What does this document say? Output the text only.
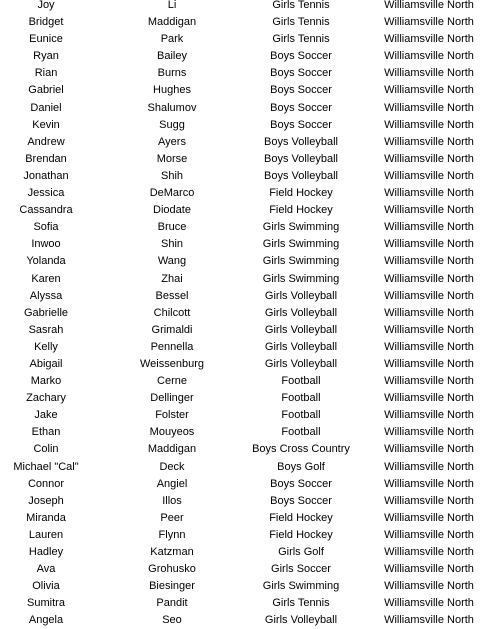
Joy	Li	Girls Tennis	Williamsville North
Bridget	Maddigan	Girls Tennis	Williamsville North
Eunice	Park	Girls Tennis	Williamsville North
Ryan	Bailey	Boys Soccer	Williamsville North
Rian	Burns	Boys Soccer	Williamsville North
Gabriel	Hughes	Boys Soccer	Williamsville North
Daniel	Shalumov	Boys Soccer	Williamsville North
Kevin	Sugg	Boys Soccer	Williamsville North
Andrew	Ayers	Boys Volleyball	Williamsville North
Brendan	Morse	Boys Volleyball	Williamsville North
Jonathan	Shih	Boys Volleyball	Williamsville North
Jessica	DeMarco	Field Hockey	Williamsville North
Cassandra	Diodate	Field Hockey	Williamsville North
Sofia	Bruce	Girls Swimming	Williamsville North
Inwoo	Shin	Girls Swimming	Williamsville North
Yolanda	Wang	Girls Swimming	Williamsville North
Karen	Zhai	Girls Swimming	Williamsville North
Alyssa	Bessel	Girls Volleyball	Williamsville North
Gabrielle	Chilcott	Girls Volleyball	Williamsville North
Sasrah	Grimaldi	Girls Volleyball	Williamsville North
Kelly	Pennella	Girls Volleyball	Williamsville North
Abigail	Weissenburg	Girls Volleyball	Williamsville North
Marko	Cerne	Football	Williamsville North
Zachary	Dellinger	Football	Williamsville North
Jake	Folster	Football	Williamsville North
Ethan	Mouyeos	Football	Williamsville North
Colin	Maddigan	Boys Cross Country	Williamsville North
Michael "Cal"	Deck	Boys Golf	Williamsville North
Connor	Angiel	Boys Soccer	Williamsville North
Joseph	Illos	Boys Soccer	Williamsville North
Miranda	Peer	Field Hockey	Williamsville North
Lauren	Flynn	Field Hockey	Williamsville North
Hadley	Katzman	Girls Golf	Williamsville North
Ava	Grohusko	Girls Soccer	Williamsville North
Olivia	Biesinger	Girls Swimming	Williamsville North
Sumitra	Pandit	Girls Tennis	Williamsville North
Angela	Seo	Girls Volleyball	Williamsville North
